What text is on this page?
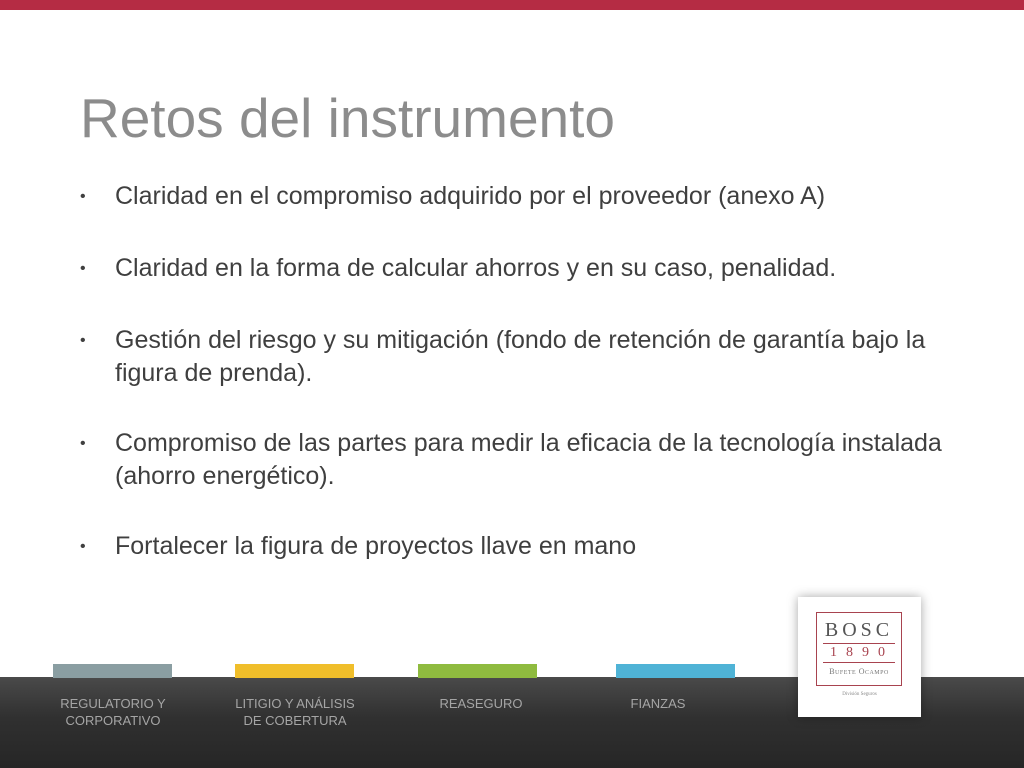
Retos del instrumento
• Claridad en el compromiso adquirido por el proveedor (anexo A)
• Claridad en la forma de calcular ahorros y en su caso, penalidad.
• Gestión del riesgo y su mitigación (fondo de retención de garantía bajo la figura de prenda).
• Compromiso de las partes para medir la eficacia de la tecnología instalada (ahorro energético).
• Fortalecer la figura de proyectos llave en mano
REGULATORIO Y CORPORATIVO
LITIGIO Y ANÁLISIS DE COBERTURA
REASEGURO	FIANZAS
BOSC
1890
Bufete Ocampo
División Seguros
